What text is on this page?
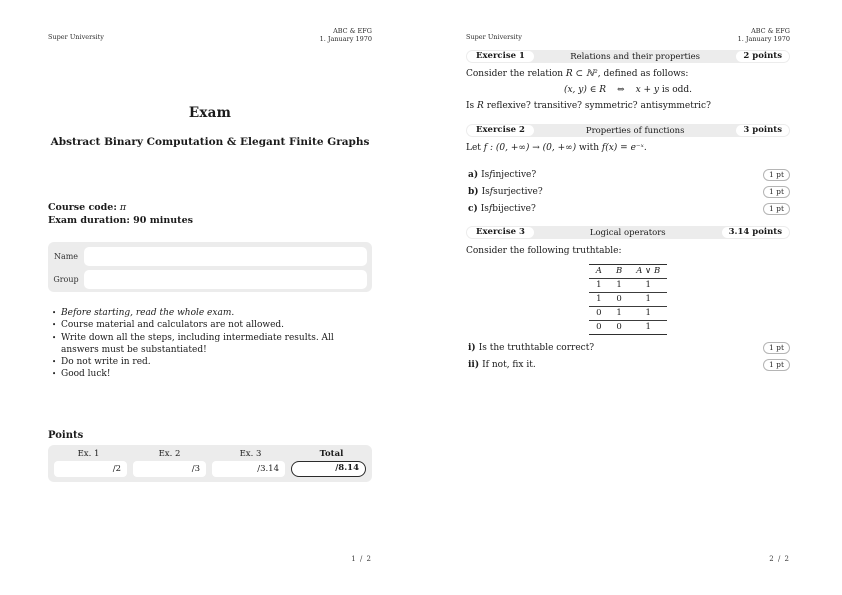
Super University
ABC & EFG
1. January 1970
Exam
Abstract Binary Computation & Elegant Finite Graphs
Course code: π
Exam duration: 90 minutes
Name
Group
• Before starting, read the whole exam.
• Course material and calculators are not allowed.
• Write down all the steps, including intermediate results. All answers must be substantiated!
• Do not write in red.
• Good luck!
Points
Ex. 1	Ex. 2	Ex. 3	Total
/2	/3	/3.14	/8.14
1 / 2
Super University
ABC & EFG
1. January 1970
Exercise 1	Relations and their properties	2 points
Consider the relation R ⊂ ℕ², defined as follows:
(x, y) ∈ R ⇔ x + y is odd.
Is R reflexive? transitive? symmetric? antisymmetric?
Exercise 2	Properties of functions	3 points
Let f : (0, +∞) → (0, +∞) with f(x) = e⁻ˣ.
a) Is f injective?	1 pt
b) Is f surjective?	1 pt
c) Is f bijective?	1 pt
Exercise 3	Logical operators	3.14 points
Consider the following truthtable:
A	B	A ∨ B
1	1	1
1	0	1
0	1	1
0	0	1
i) Is the truthtable correct?	1 pt
ii) If not, fix it.	1 pt
2 / 2
